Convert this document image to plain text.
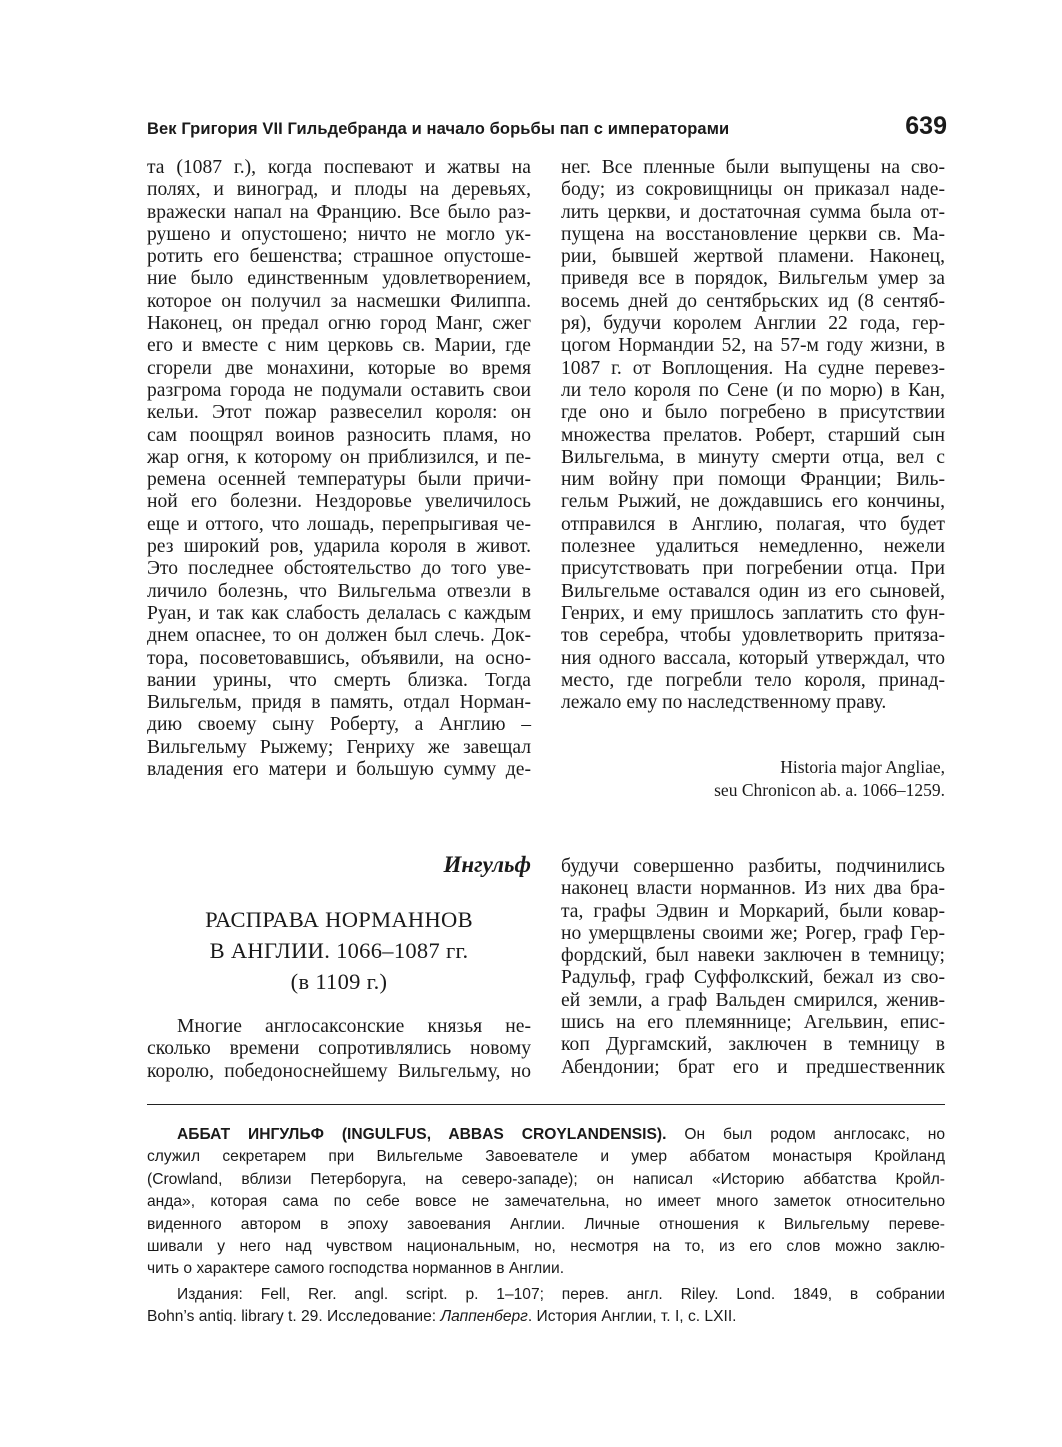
Век Григория VII Гильдебранда и начало борьбы пап с императорами	639
та (1087 г.), когда поспевают и жатвы на
полях, и виноград, и плоды на деревьях,
вражески напал на Францию. Все было раз-
рушено и опустошено; ничто не могло ук-
ротить его бешенства; страшное опустоше-
ние было единственным удовлетворением,
которое он получил за насмешки Филиппа.
Наконец, он предал огню город Манг, сжег
его и вместе с ним церковь св. Марии, где
сгорели две монахини, которые во время
разгрома города не подумали оставить свои
кельи. Этот пожар развеселил короля: он
сам поощрял воинов разносить пламя, но
жар огня, к которому он приблизился, и пе-
ремена осенней температуры были причи-
ной его болезни. Нездоровье увеличилось
еще и оттого, что лошадь, перепрыгивая че-
рез широкий ров, ударила короля в живот.
Это последнее обстоятельство до того уве-
личило болезнь, что Вильгельма отвезли в
Руан, и так как слабость делалась с каждым
днем опаснее, то он должен был слечь. Док-
тора, посоветовавшись, объявили, на осно-
вании урины, что смерть близка. Тогда
Вильгельм, придя в память, отдал Норман-
дию своему сыну Роберту, а Англию –
Вильгельму Рыжему; Генриху же завещал
владения его матери и большую сумму де-
нег. Все пленные были выпущены на сво-
боду; из сокровищницы он приказал наде-
лить церкви, и достаточная сумма была от-
пущена на восстановление церкви св. Ма-
рии, бывшей жертвой пламени. Наконец,
приведя все в порядок, Вильгельм умер за
восемь дней до сентябрьских ид (8 сентяб-
ря), будучи королем Англии 22 года, гер-
цогом Нормандии 52, на 57-м году жизни, в
1087 г. от Воплощения. На судне перевез-
ли тело короля по Сене (и по морю) в Кан,
где оно и было погребено в присутствии
множества прелатов. Роберт, старший сын
Вильгельма, в минуту смерти отца, вел с
ним войну при помощи Франции; Виль-
гельм Рыжий, не дождавшись его кончины,
отправился в Англию, полагая, что будет
полезнее удалиться немедленно, нежели
присутствовать при погребении отца. При
Вильгельме оставался один из его сыновей,
Генрих, и ему пришлось заплатить сто фун-
тов серебра, чтобы удовлетворить притяза-
ния одного вассала, который утверждал, что
место, где погребли тело короля, принад-
лежало ему по наследственному праву.
Historia major Angliae,
seu Chronicon ab. a. 1066–1259.
Ингульф
РАСПРАВА НОРМАННОВ
В АНГЛИИ. 1066–1087 гг.
(в 1109 г.)
Многие англосаксонские князья не-
сколько времени сопротивлялись новому
королю, победоноснейшему Вильгельму, но
будучи совершенно разбиты, подчинились
наконец власти норманнов. Из них два бра-
та, графы Эдвин и Моркарий, были ковар-
но умерщвлены своими же; Рогер, граф Гер-
фордский, был навеки заключен в темницу;
Радульф, граф Суффолкский, бежал из сво-
ей земли, а граф Вальден смирился, женив-
шись на его племяннице; Агельвин, епис-
коп Дургамский, заключен в темницу в
Абендонии; брат его и предшественник
АББАТ ИНГУЛЬФ (INGULFUS, ABBAS CROYLANDENSIS). Он был родом англосакс, но
служил секретарем при Вильгельме Завоевателе и умер аббатом монастыря Кройланд
(Crowland, вблизи Петерборуга, на северо-западе); он написал «Историю аббатства Кройл-
анда», которая сама по себе вовсе не замечательна, но имеет много заметок относительно
виденного автором в эпоху завоевания Англии. Личные отношения к Вильгельму переве-
шивали у него над чувством национальным, но, несмотря на то, из его слов можно заклю-
чить о характере самого господства норманнов в Англии.
Издания: Fell, Rer. angl. script. p. 1–107; перев. англ. Riley. Lond. 1849, в собрании
Bohn’s antiq. library t. 29. Исследование: Лаппенберг. История Англии, т. I, с. LXII.
